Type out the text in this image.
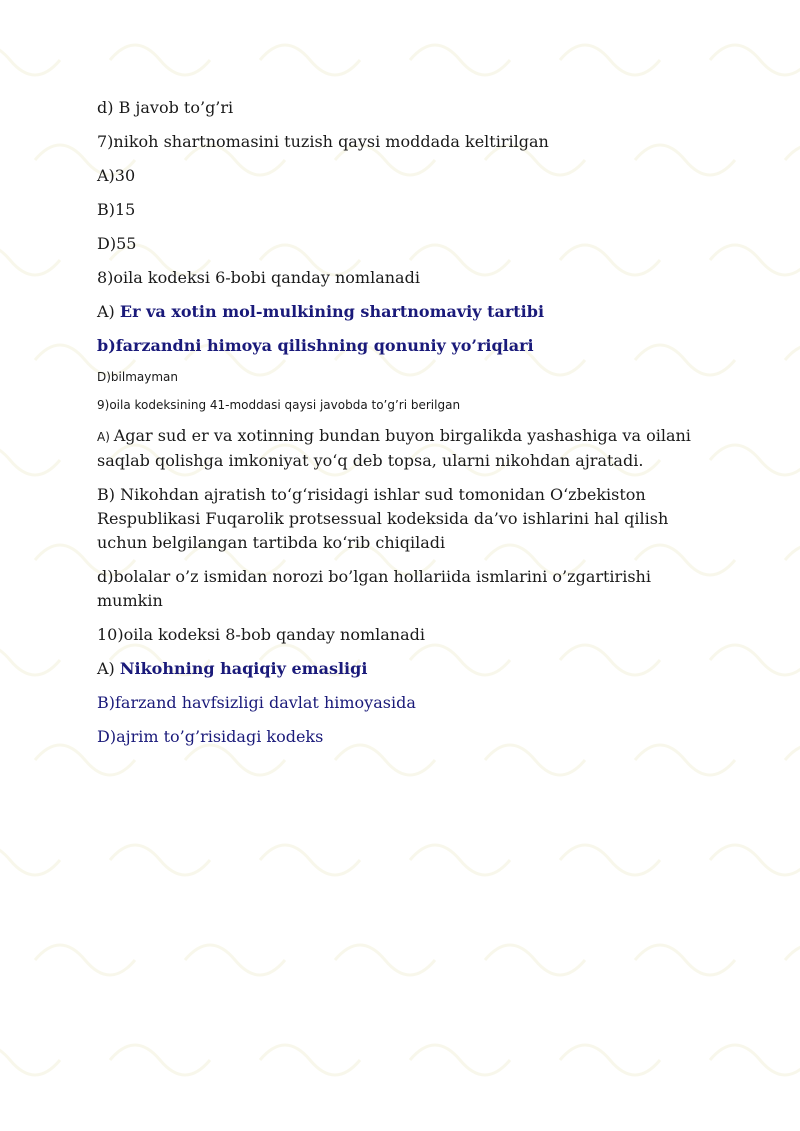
d) B javob to’g’ri

7)nikoh shartnomasini tuzish qaysi moddada keltirilgan

A)30

B)15

D)55

8)oila kodeksi 6-bobi qanday nomlanadi

A) Er va xotin mol-mulkining shartnomaviy tartibi

b)farzandni himoya qilishning qonuniy yo’riqlari

D)bilmayman

9)oila kodeksining 41-moddasi qaysi javobda to’g’ri berilgan

A) Agar sud er va xotinning bundan buyon birgalikda yashashiga va oilani saqlab qolishga imkoniyat yo‘q deb topsa, ularni nikohdan ajratadi.

B) Nikohdan ajratish to‘g‘risidagi ishlar sud tomonidan O‘zbekiston Respublikasi Fuqarolik protsessual kodeksida da’vo ishlarini hal qilish uchun belgilangan tartibda ko‘rib chiqiladi

d)bolalar o’z ismidan norozi bo’lgan hollariida ismlarini o’zgartirishi mumkin

10)oila kodeksi 8-bob qanday nomlanadi

A) Nikohning haqiqiy emasligi

B)farzand havfsizligi davlat himoyasida

D)ajrim to’g’risidagi kodeks
